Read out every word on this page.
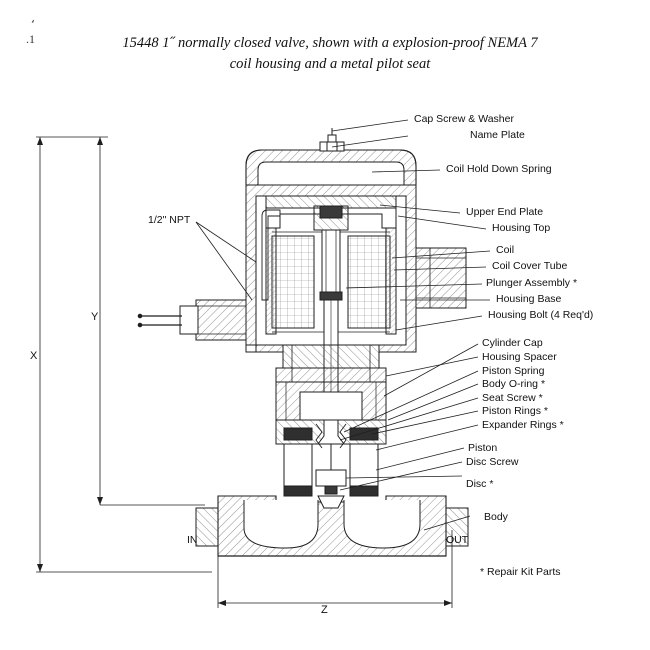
͵
.1	15448 1˝ normally closed valve, shown with a explosion-proof NEMA 7
coil housing and a metal pilot seat
Cap Screw & Washer
Name Plate
Coil Hold Down Spring
Upper End Plate
Housing Top
Coil
Coil Cover Tube
Plunger Assembly *
Housing Base
Housing Bolt (4 Req'd)
Cylinder Cap
Housing Spacer
Piston Spring
Body O-ring *
Seat Screw *
Piston Rings *
Expander Rings *
Piston
Disc Screw
Disc *
Body
1/2" NPT
X
Y
Z
IN	OUT
* Repair Kit Parts
